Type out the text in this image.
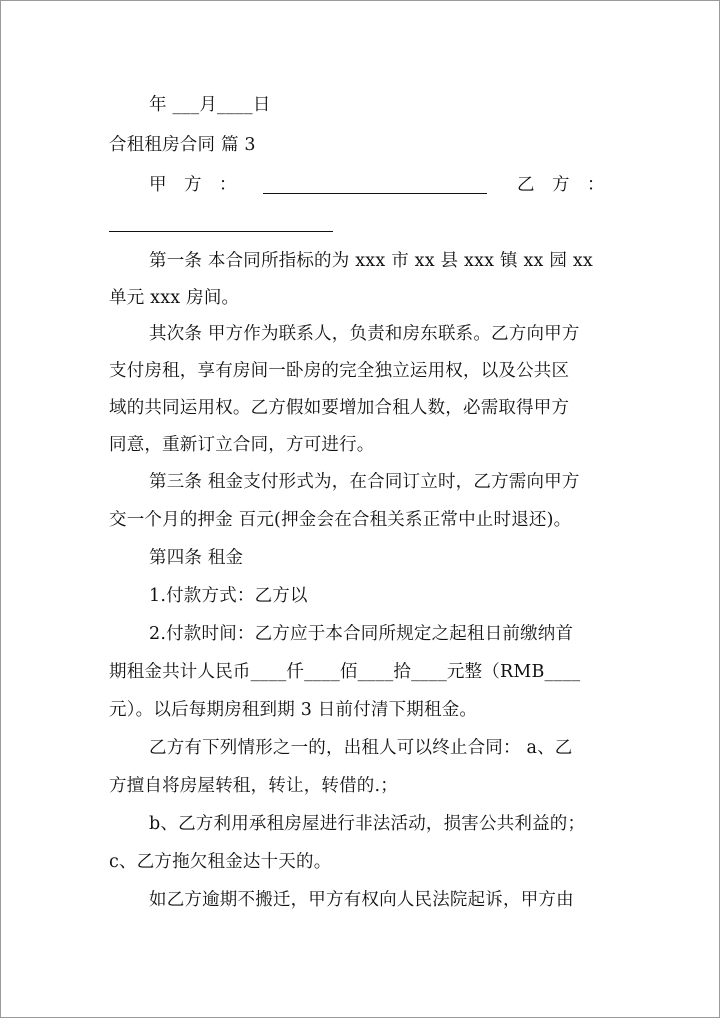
年 ___月____日
合租租房合同 篇 3
甲　方　：	乙　方　：
第一条 本合同所指标的为 xxx 市 xx 县 xxx 镇 xx 园 xx
单元 xxx 房间。
其次条 甲方作为联系人，负责和房东联系。乙方向甲方
支付房租，享有房间一卧房的完全独立运用权，以及公共区
域的共同运用权。乙方假如要增加合租人数，必需取得甲方
同意，重新订立合同，方可进行。
第三条 租金支付形式为，在合同订立时，乙方需向甲方
交一个月的押金 百元(押金会在合租关系正常中止时退还)。
第四条 租金
1.付款方式：乙方以
2.付款时间：乙方应于本合同所规定之起租日前缴纳首
期租金共计人民币____仟____佰____拾____元整（RMB____
元）。以后每期房租到期 3 日前付清下期租金。
乙方有下列情形之一的，出租人可以终止合同： a、乙
方擅自将房屋转租，转让，转借的.；
b、乙方利用承租房屋进行非法活动，损害公共利益的；
c、乙方拖欠租金达十天的。
如乙方逾期不搬迁，甲方有权向人民法院起诉，甲方由
